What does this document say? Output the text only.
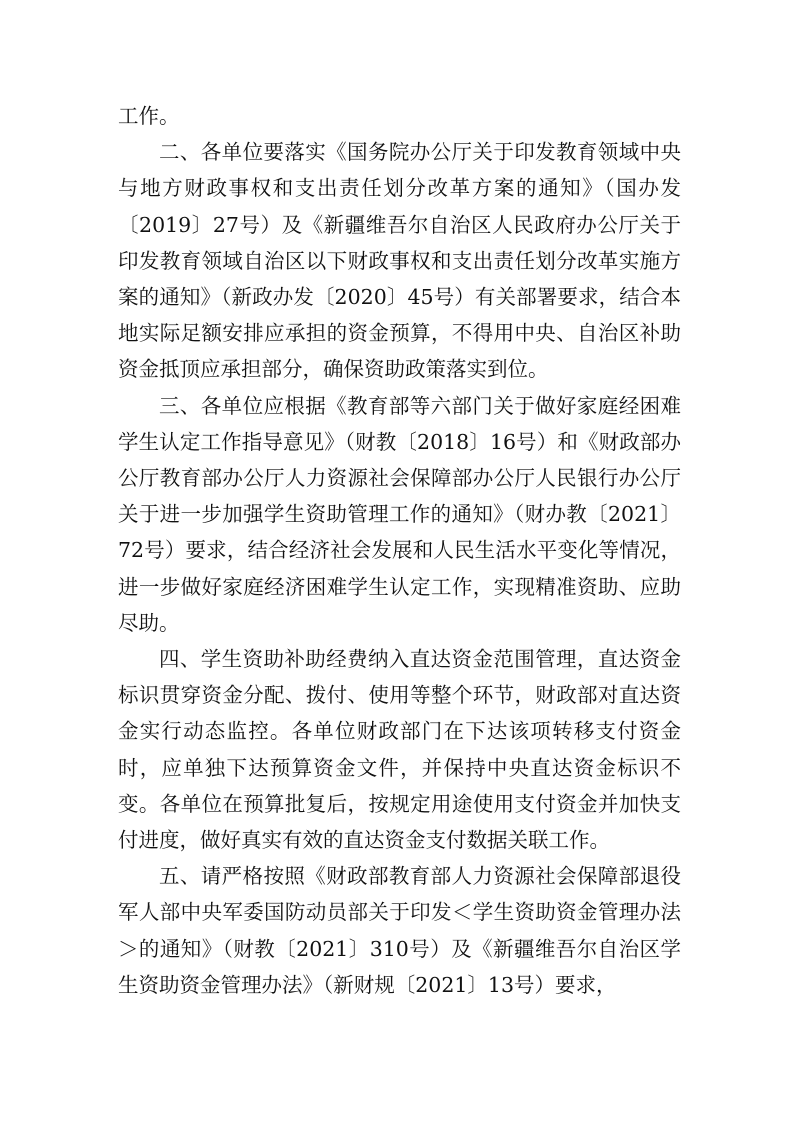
工作。

二、各单位要落实《国务院办公厅关于印发教育领域中央与地方财政事权和支出责任划分改革方案的通知》（国办发〔2019〕27号）及《新疆维吾尔自治区人民政府办公厅关于印发教育领域自治区以下财政事权和支出责任划分改革实施方案的通知》（新政办发〔2020〕45号）有关部署要求，结合本地实际足额安排应承担的资金预算，不得用中央、自治区补助资金抵顶应承担部分，确保资助政策落实到位。

三、各单位应根据《教育部等六部门关于做好家庭经困难学生认定工作指导意见》（财教〔2018〕16号）和《财政部办公厅教育部办公厅人力资源社会保障部办公厅人民银行办公厅关于进一步加强学生资助管理工作的通知》（财办教〔2021〕72号）要求，结合经济社会发展和人民生活水平变化等情况，进一步做好家庭经济困难学生认定工作，实现精准资助、应助尽助。

四、学生资助补助经费纳入直达资金范围管理，直达资金标识贯穿资金分配、拨付、使用等整个环节，财政部对直达资金实行动态监控。各单位财政部门在下达该项转移支付资金时，应单独下达预算资金文件，并保持中央直达资金标识不变。各单位在预算批复后，按规定用途使用支付资金并加快支付进度，做好真实有效的直达资金支付数据关联工作。

五、请严格按照《财政部教育部人力资源社会保障部退役军人部中央军委国防动员部关于印发＜学生资助资金管理办法＞的通知》（财教〔2021〕310号）及《新疆维吾尔自治区学生资助资金管理办法》（新财规〔2021〕13号）要求，
